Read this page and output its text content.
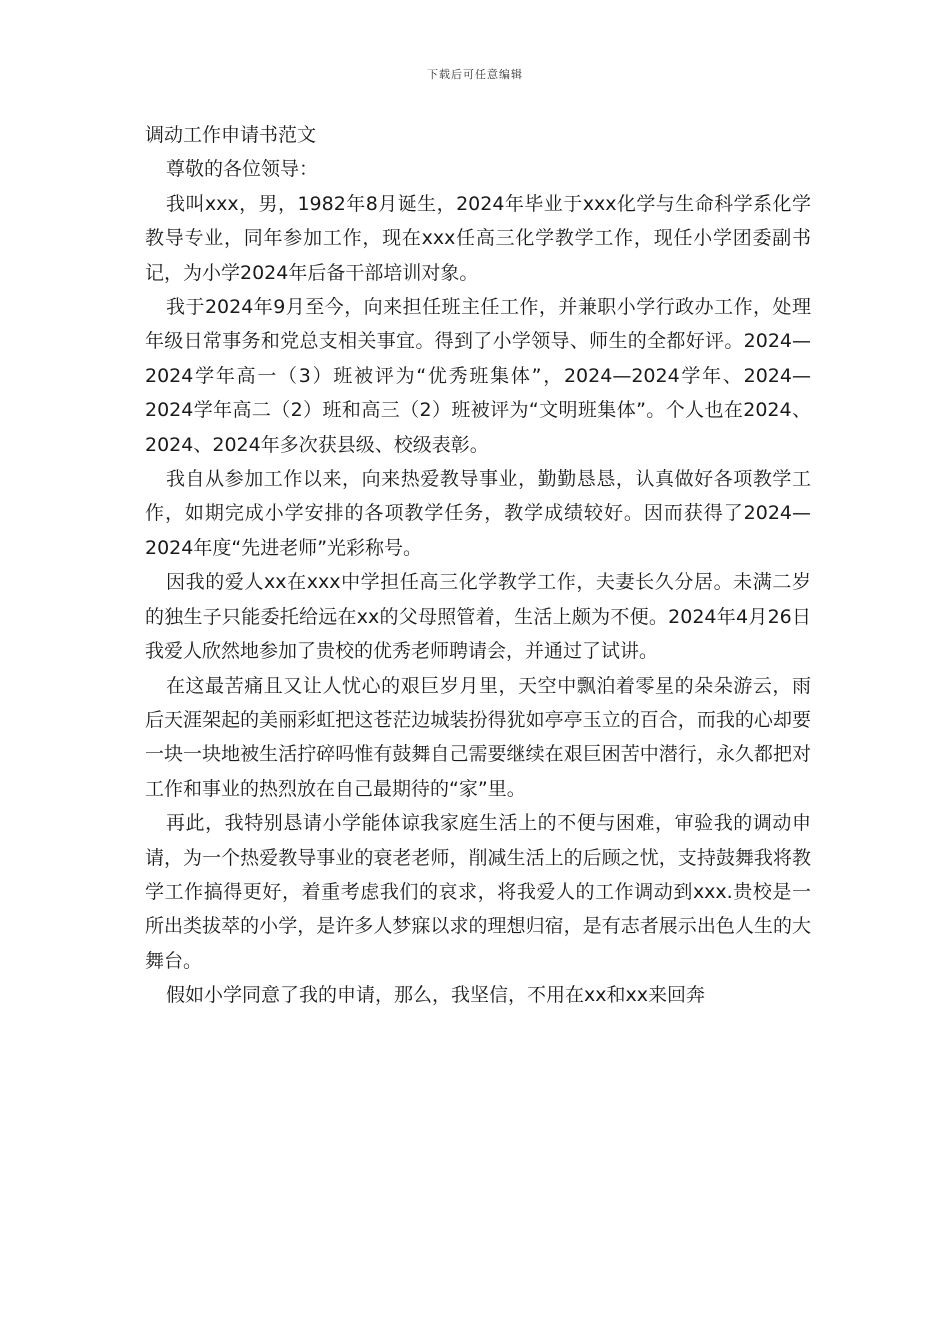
下载后可任意编辑
调动工作申请书范文

尊敬的各位领导：

我叫xxx，男，1982年8月诞生，2024年毕业于xxx化学与生命科学系化学教导专业，同年参加工作，现在xxx任高三化学教学工作，现任小学团委副书记，为小学2024年后备干部培训对象。

我于2024年9月至今，向来担任班主任工作，并兼职小学行政办工作，处理年级日常事务和党总支相关事宜。得到了小学领导、师生的全都好评。2024—2024学年高一（3）班被评为“优秀班集体”，2024—2024学年、2024—2024学年高二（2）班和高三（2）班被评为“文明班集体”。个人也在2024、2024、2024年多次获县级、校级表彰。

我自从参加工作以来，向来热爱教导事业，勤勤恳恳，认真做好各项教学工作，如期完成小学安排的各项教学任务，教学成绩较好。因而获得了2024—2024年度“先进老师”光彩称号。

因我的爱人xx在xxx中学担任高三化学教学工作，夫妻长久分居。未满二岁的独生子只能委托给远在xx的父母照管着，生活上颇为不便。2024年4月26日我爱人欣然地参加了贵校的优秀老师聘请会，并通过了试讲。

在这最苦痛且又让人忧心的艰巨岁月里，天空中飘泊着零星的朵朵游云，雨后天涯架起的美丽彩虹把这苍茫边城装扮得犹如亭亭玉立的百合，而我的心却要一块一块地被生活拧碎吗惟有鼓舞自己需要继续在艰巨困苦中潜行，永久都把对工作和事业的热烈放在自己最期待的“家”里。

再此，我特别恳请小学能体谅我家庭生活上的不便与困难，审验我的调动申请，为一个热爱教导事业的衰老老师，削减生活上的后顾之忧，支持鼓舞我将教学工作搞得更好，着重考虑我们的哀求，将我爱人的工作调动到xxx.贵校是一所出类拔萃的小学，是许多人梦寐以求的理想归宿，是有志者展示出色人生的大舞台。

假如小学同意了我的申请，那么，我坚信，不用在xx和xx来回奔
